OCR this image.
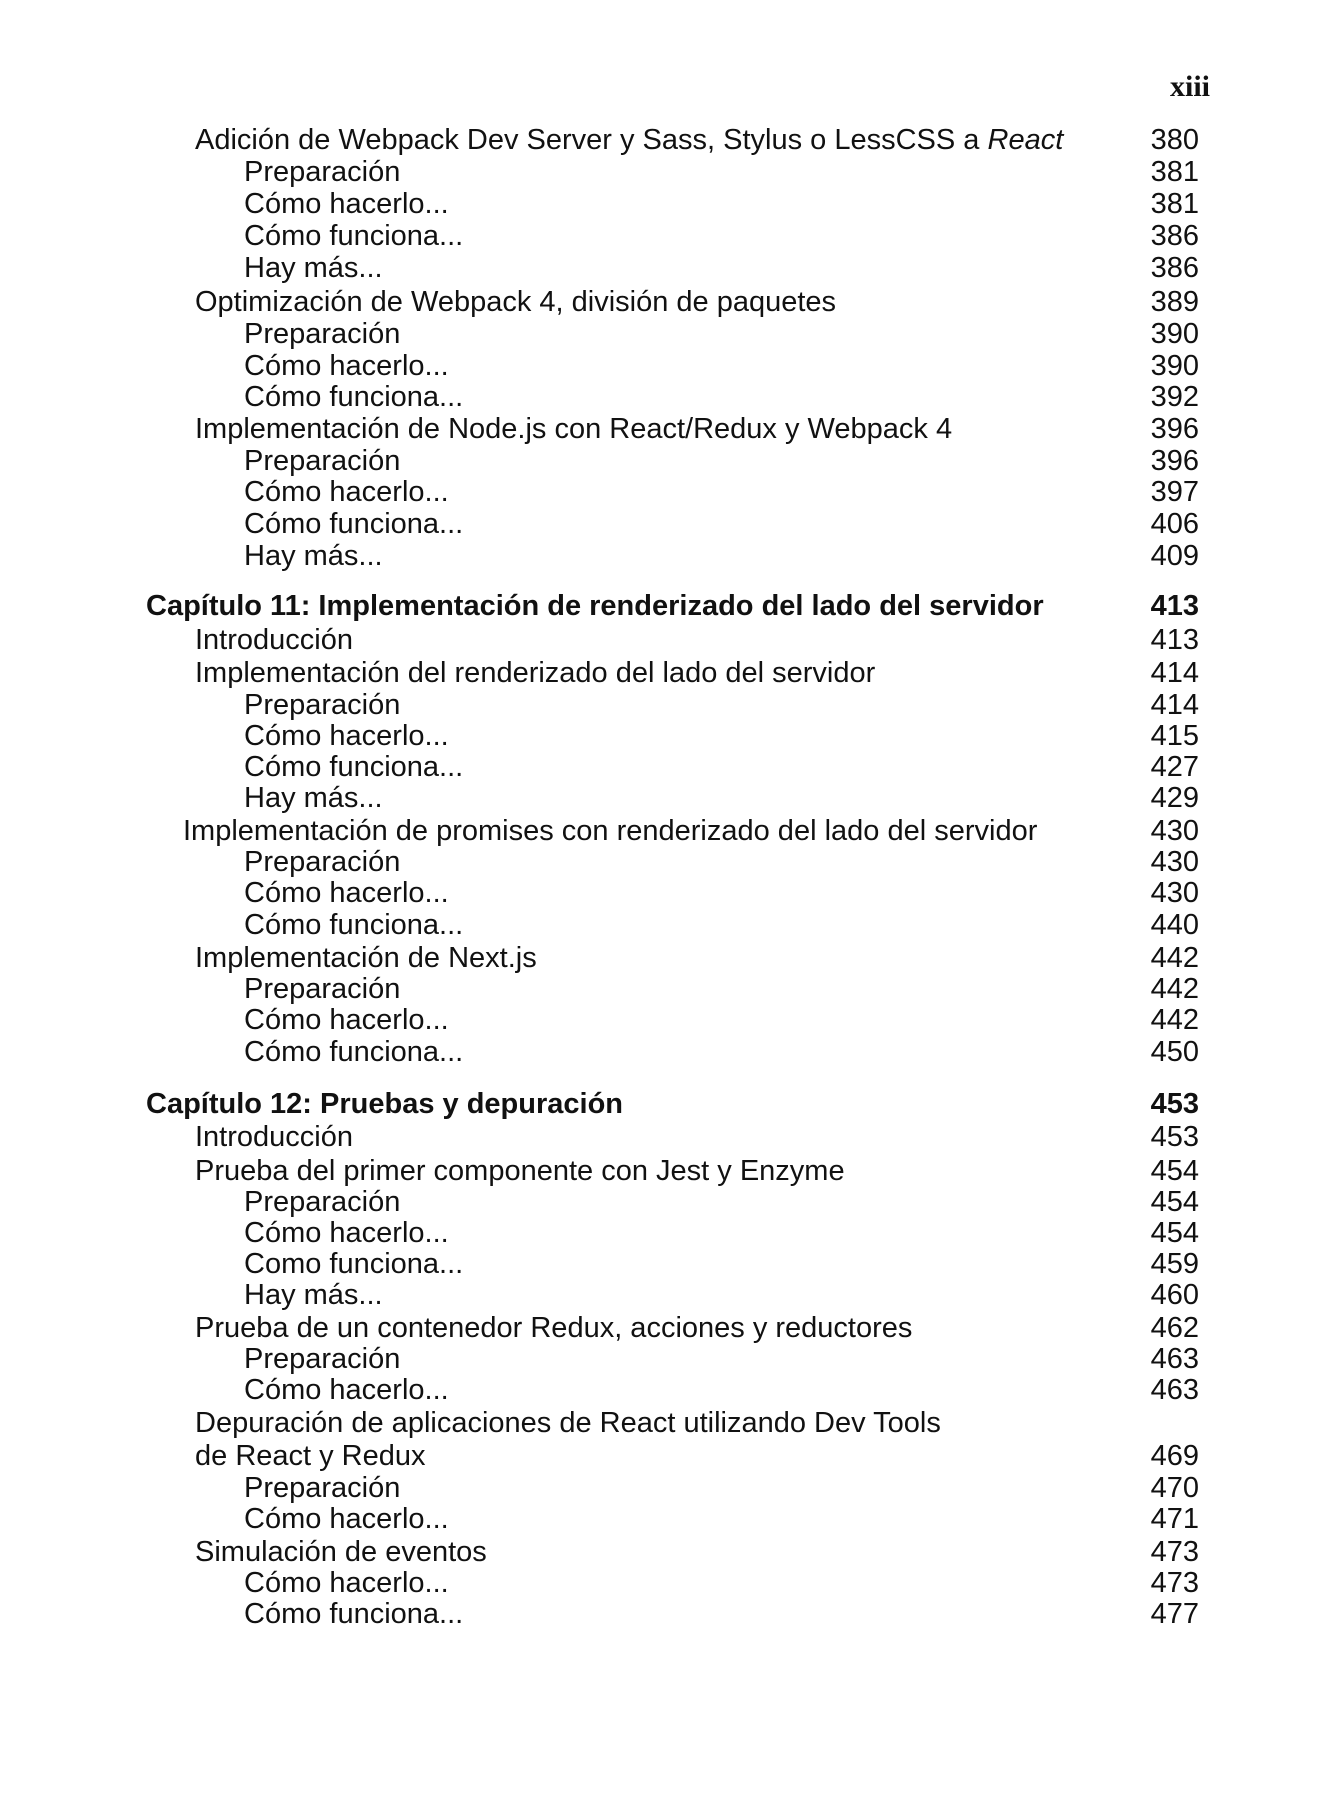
xiii
Adición de Webpack Dev Server y Sass, Stylus o LessCSS a React	380
Preparación	381
Cómo hacerlo...	381
Cómo funciona...	386
Hay más...	386
Optimización de Webpack 4, división de paquetes	389
Preparación	390
Cómo hacerlo...	390
Cómo funciona...	392
Implementación de Node.js con React/Redux y Webpack 4	396
Preparación	396
Cómo hacerlo...	397
Cómo funciona...	406
Hay más...	409
Capítulo 11: Implementación de renderizado del lado del servidor	413
Introducción	413
Implementación del renderizado del lado del servidor	414
Preparación	414
Cómo hacerlo...	415
Cómo funciona...	427
Hay más...	429
Implementación de promises con renderizado del lado del servidor	430
Preparación	430
Cómo hacerlo...	430
Cómo funciona...	440
Implementación de Next.js	442
Preparación	442
Cómo hacerlo...	442
Cómo funciona...	450
Capítulo 12: Pruebas y depuración	453
Introducción	453
Prueba del primer componente con Jest y Enzyme	454
Preparación	454
Cómo hacerlo...	454
Como funciona...	459
Hay más...	460
Prueba de un contenedor Redux, acciones y reductores	462
Preparación	463
Cómo hacerlo...	463
Depuración de aplicaciones de React utilizando Dev Tools
de React y Redux	469
Preparación	470
Cómo hacerlo...	471
Simulación de eventos	473
Cómo hacerlo...	473
Cómo funciona...	477
